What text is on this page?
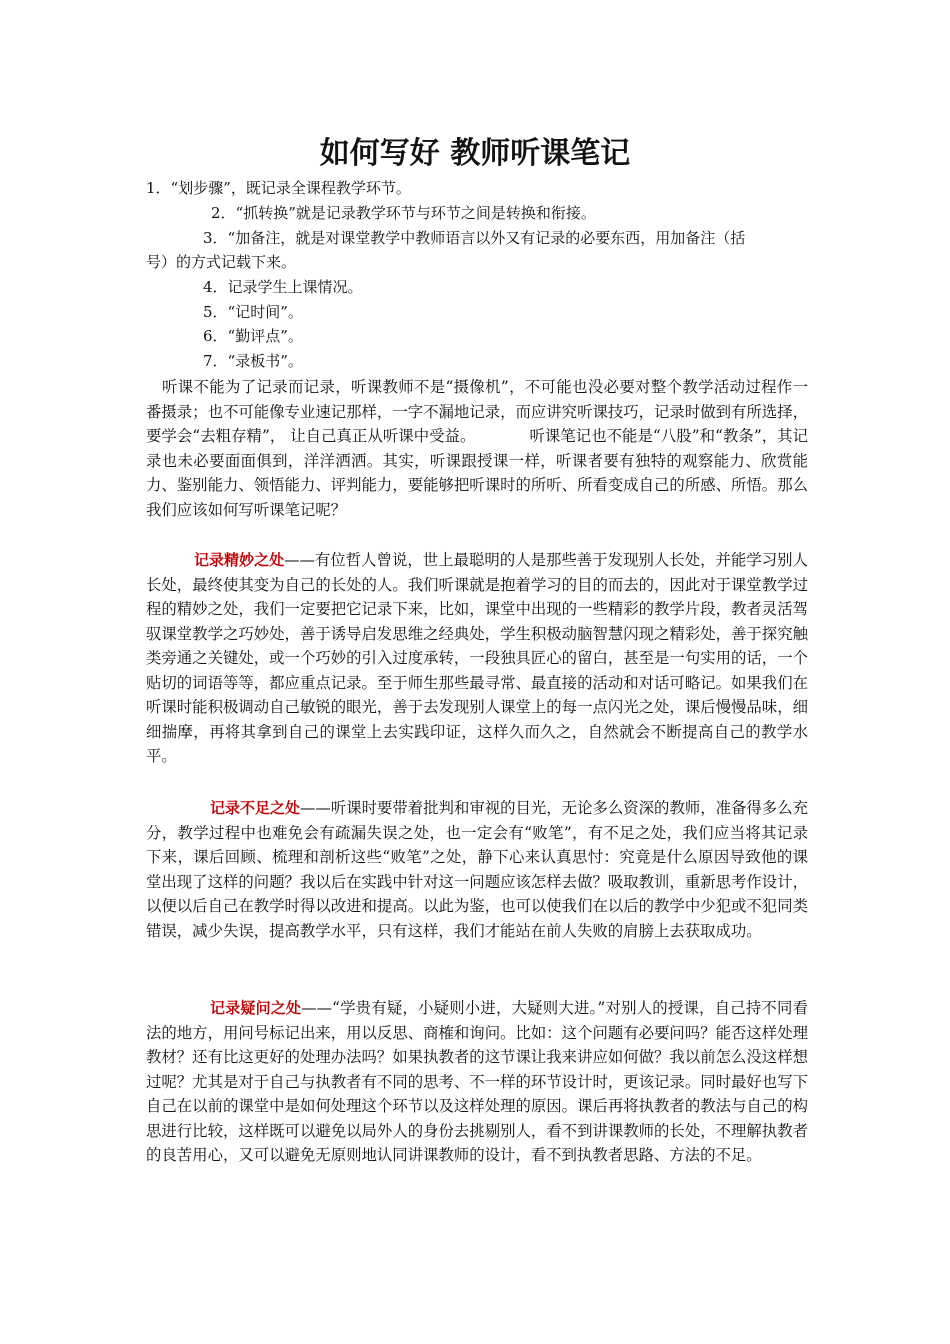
如何写好 教师听课笔记
1．“划步骤”，既记录全课程教学环节。
2．“抓转换”就是记录教学环节与环节之间是转换和衔接。
3．“加备注，就是对课堂教学中教师语言以外又有记录的必要东西，用加备注（括
号）的方式记载下来。
4．记录学生上课情况。
5．“记时间”。
6．“勤评点”。
7．“录板书”。
听课不能为了记录而记录，听课教师不是“摄像机”，不可能也没必要对整个教学活动过程作一番摄录；也不可能像专业速记那样，一字不漏地记录，而应讲究听课技巧，记录时做到有所选择，要学会“去粗存精”， 让自己真正从听课中受益。　　　　听课笔记也不能是“八股”和“教条”，其记录也未必要面面俱到，洋洋洒洒。其实，听课跟授课一样，听课者要有独特的观察能力、欣赏能力、鉴别能力、领悟能力、评判能力，要能够把听课时的所听、所看变成自己的所感、所悟。那么我们应该如何写听课笔记呢？
记录精妙之处——有位哲人曾说，世上最聪明的人是那些善于发现别人长处，并能学习别人长处，最终使其变为自己的长处的人。我们听课就是抱着学习的目的而去的，因此对于课堂教学过程的精妙之处，我们一定要把它记录下来，比如，课堂中出现的一些精彩的教学片段，教者灵活驾驭课堂教学之巧妙处，善于诱导启发思维之经典处，学生积极动脑智慧闪现之精彩处，善于探究触类旁通之关键处，或一个巧妙的引入过度承转，一段独具匠心的留白，甚至是一句实用的话，一个贴切的词语等等，都应重点记录。至于师生那些最寻常、最直接的活动和对话可略记。如果我们在听课时能积极调动自己敏锐的眼光，善于去发现别人课堂上的每一点闪光之处，课后慢慢品味，细细揣摩，再将其拿到自己的课堂上去实践印证，这样久而久之，自然就会不断提高自己的教学水平。
记录不足之处——听课时要带着批判和审视的目光，无论多么资深的教师，准备得多么充分，教学过程中也难免会有疏漏失误之处，也一定会有“败笔”，有不足之处，我们应当将其记录下来，课后回顾、梳理和剖析这些“败笔”之处，静下心来认真思忖：究竟是什么原因导致他的课堂出现了这样的问题？我以后在实践中针对这一问题应该怎样去做？吸取教训，重新思考作设计，以便以后自己在教学时得以改进和提高。以此为鉴，也可以使我们在以后的教学中少犯或不犯同类错误，减少失误，提高教学水平，只有这样，我们才能站在前人失败的肩膀上去获取成功。
记录疑问之处——“学贵有疑，小疑则小进，大疑则大进。”对别人的授课，自己持不同看法的地方，用问号标记出来，用以反思、商榷和询问。比如：这个问题有必要问吗？能否这样处理教材？还有比这更好的处理办法吗？如果执教者的这节课让我来讲应如何做？我以前怎么没这样想过呢？尤其是对于自己与执教者有不同的思考、不一样的环节设计时，更该记录。同时最好也写下自己在以前的课堂中是如何处理这个环节以及这样处理的原因。课后再将执教者的教法与自己的构思进行比较，这样既可以避免以局外人的身份去挑剔别人，看不到讲课教师的长处，不理解执教者的良苦用心，又可以避免无原则地认同讲课教师的设计，看不到执教者思路、方法的不足。
